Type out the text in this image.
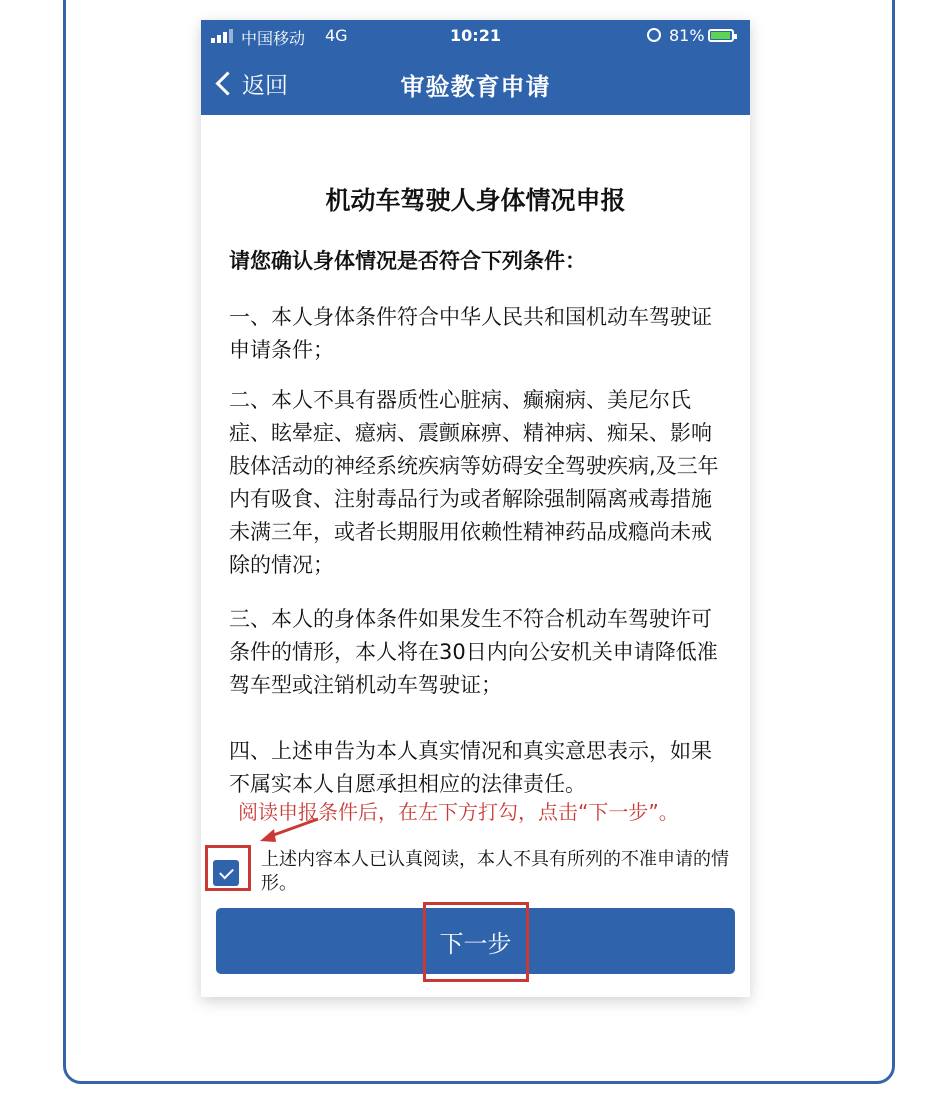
中国移动 4G	10:21	81%
返回	审验教育申请
机动车驾驶人身体情况申报
请您确认身体情况是否符合下列条件：
一、本人身体条件符合中华人民共和国机动车驾驶证申请条件；
二、本人不具有器质性心脏病、癫痫病、美尼尔氏症、眩晕症、癔病、震颤麻痹、精神病、痴呆、影响肢体活动的神经系统疾病等妨碍安全驾驶疾病,及三年内有吸食、注射毒品行为或者解除强制隔离戒毒措施未满三年，或者长期服用依赖性精神药品成瘾尚未戒除的情况；
三、本人的身体条件如果发生不符合机动车驾驶许可条件的情形，本人将在30日内向公安机关申请降低准驾车型或注销机动车驾驶证；
四、上述申告为本人真实情况和真实意思表示，如果不属实本人自愿承担相应的法律责任。
阅读申报条件后，在左下方打勾，点击“下一步”。
上述内容本人已认真阅读，本人不具有所列的不准申请的情形。
下一步
